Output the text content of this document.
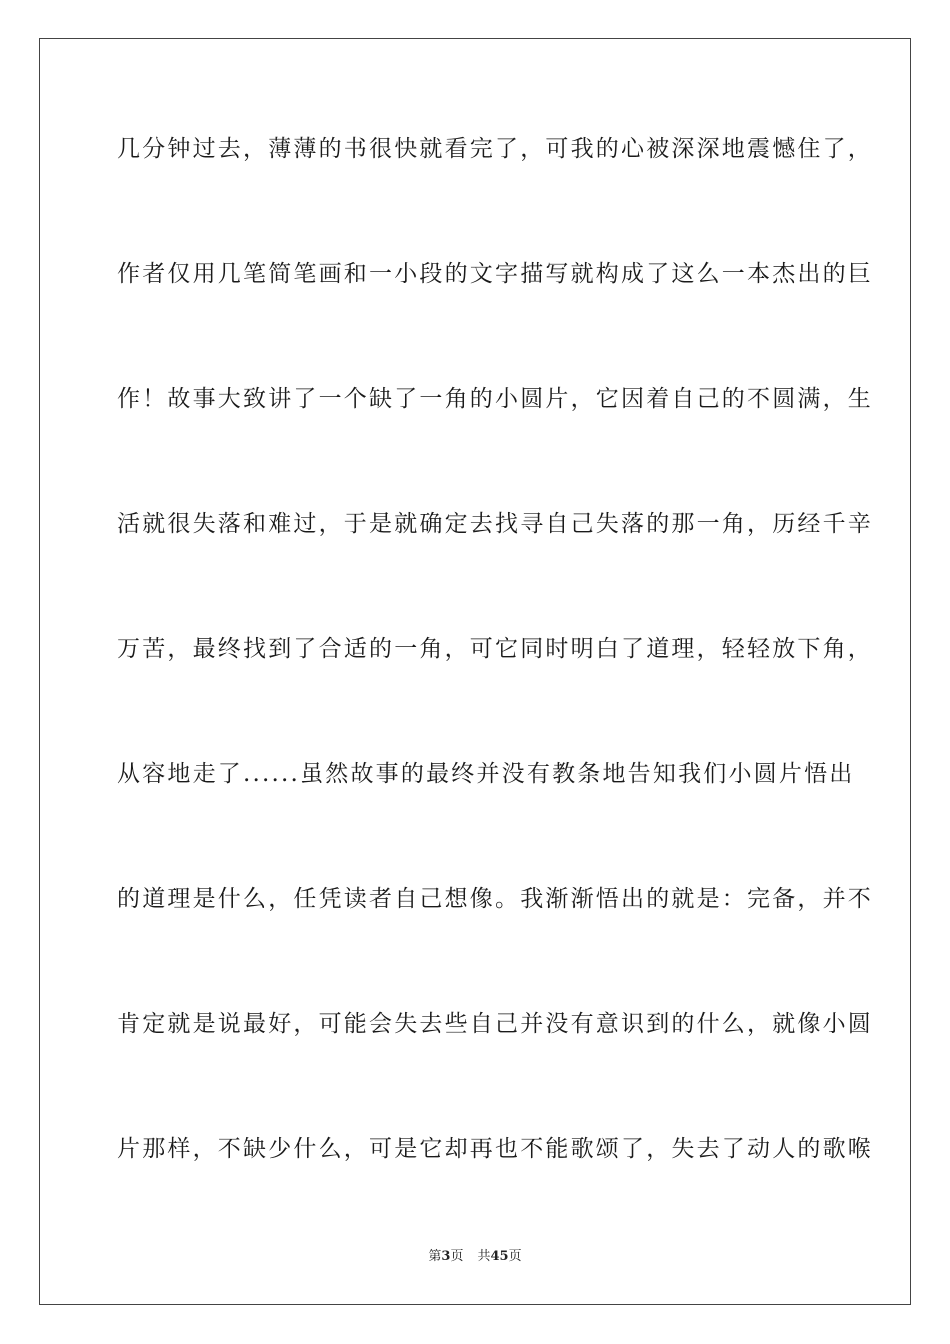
几分钟过去，薄薄的书很快就看完了，可我的心被深深地震憾住了，
作者仅用几笔简笔画和一小段的文字描写就构成了这么一本杰出的巨
作！故事大致讲了一个缺了一角的小圆片，它因着自己的不圆满，生
活就很失落和难过，于是就确定去找寻自己失落的那一角，历经千辛
万苦，最终找到了合适的一角，可它同时明白了道理，轻轻放下角，
从容地走了......虽然故事的最终并没有教条地告知我们小圆片悟出
的道理是什么，任凭读者自己想像。我渐渐悟出的就是：完备，并不
肯定就是说最好，可能会失去些自己并没有意识到的什么，就像小圆
片那样，不缺少什么，可是它却再也不能歌颂了，失去了动人的歌喉
第3页 共45页
